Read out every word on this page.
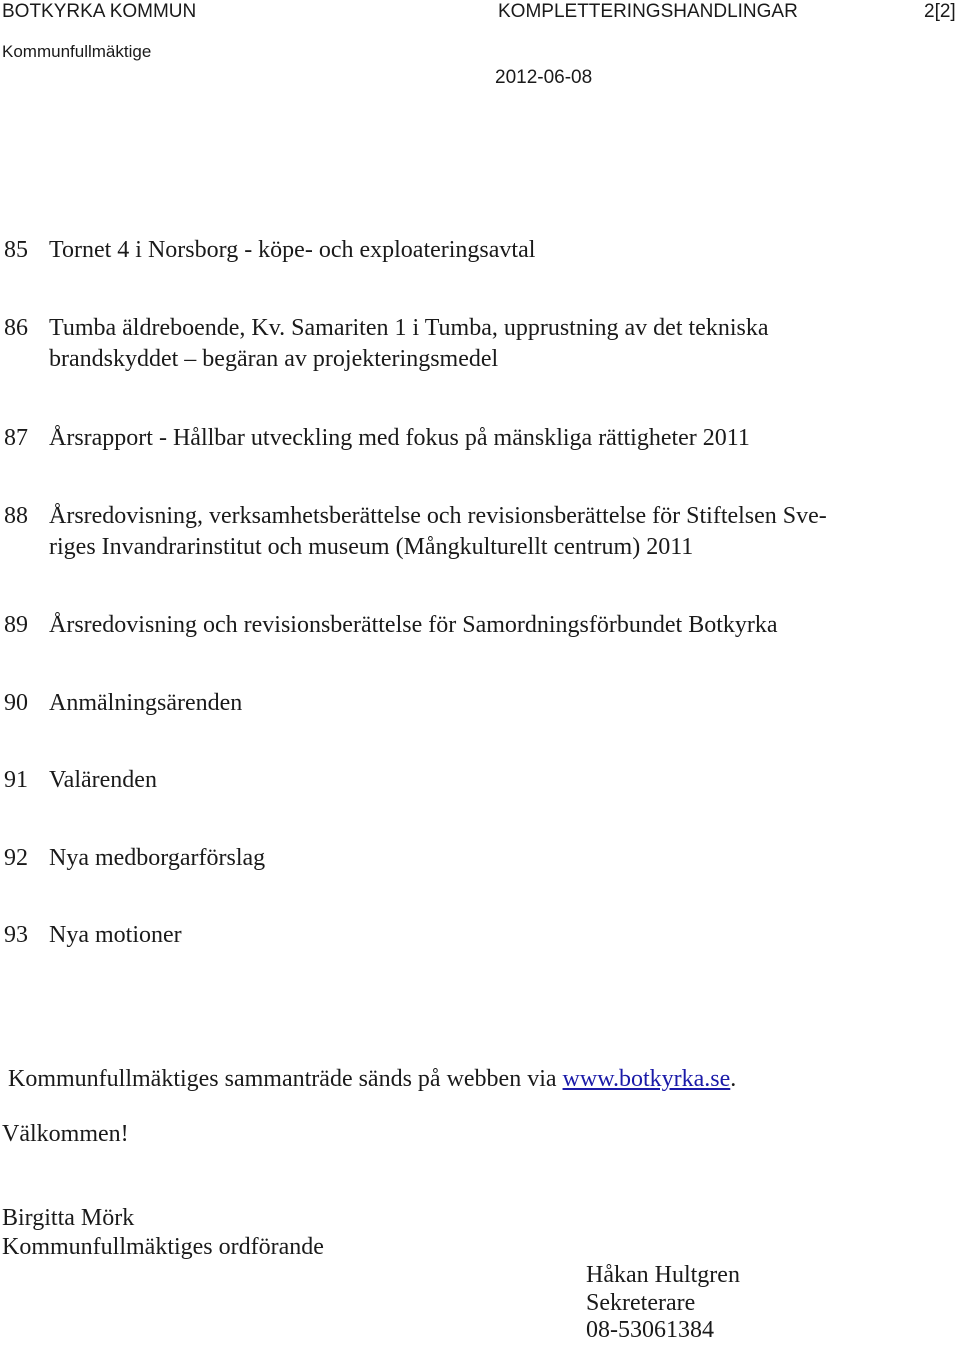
BOTKYRKA KOMMUN	KOMPLETTERINGSHANDLINGAR	2[2]
Kommunfullmäktige
2012-06-08
85 Tornet 4 i Norsborg - köpe- och exploateringsavtal
86 Tumba äldreboende, Kv. Samariten 1 i Tumba, upprustning av det tekniska
brandskyddet – begäran av projekteringsmedel
87 Årsrapport - Hållbar utveckling med fokus på mänskliga rättigheter 2011
88 Årsredovisning, verksamhetsberättelse och revisionsberättelse för Stiftelsen Sve-
riges Invandrarinstitut och museum (Mångkulturellt centrum) 2011
89 Årsredovisning och revisionsberättelse för Samordningsförbundet Botkyrka
90 Anmälningsärenden
91 Valärenden
92 Nya medborgarförslag
93 Nya motioner
Kommunfullmäktiges sammanträde sänds på webben via www.botkyrka.se.
Välkommen!
Birgitta Mörk
Kommunfullmäktiges ordförande
Håkan Hultgren
Sekreterare
08-53061384
